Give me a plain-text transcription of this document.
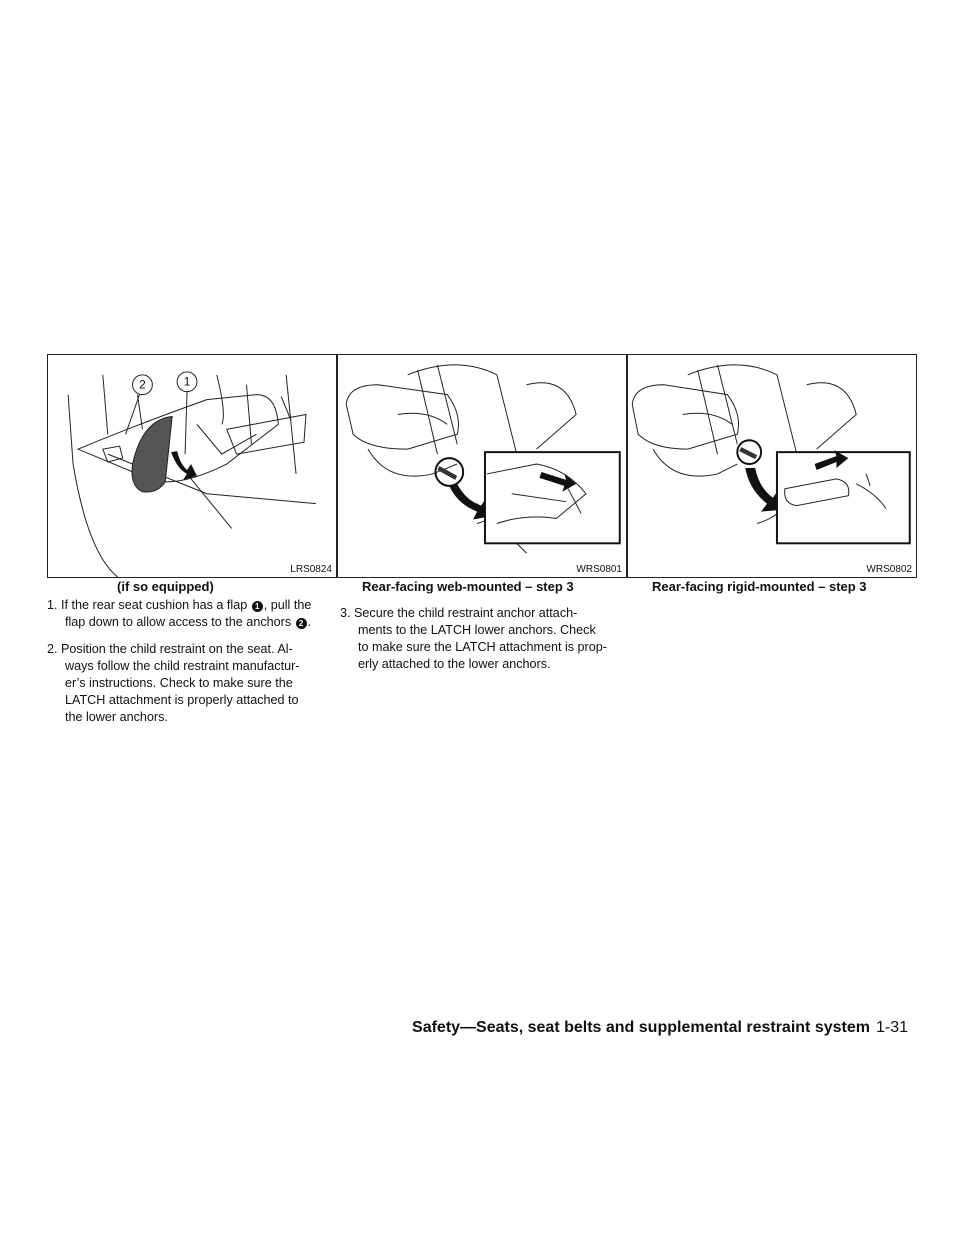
2	1
LRS0824
(if so equipped)
WRS0801
Rear-facing web-mounted – step 3
WRS0802
Rear-facing rigid-mounted – step 3
1. If the rear seat cushion has a flap 1 , pull the
flap down to allow access to the anchors 2 .
2. Position the child restraint on the seat. Al-
ways follow the child restraint manufactur-
er’s instructions. Check to make sure the
LATCH attachment is properly attached to
the lower anchors.
3. Secure the child restraint anchor attach-
ments to the LATCH lower anchors. Check
to make sure the LATCH attachment is prop-
erly attached to the lower anchors.
Safety—Seats, seat belts and supplemental restraint system 1-31
